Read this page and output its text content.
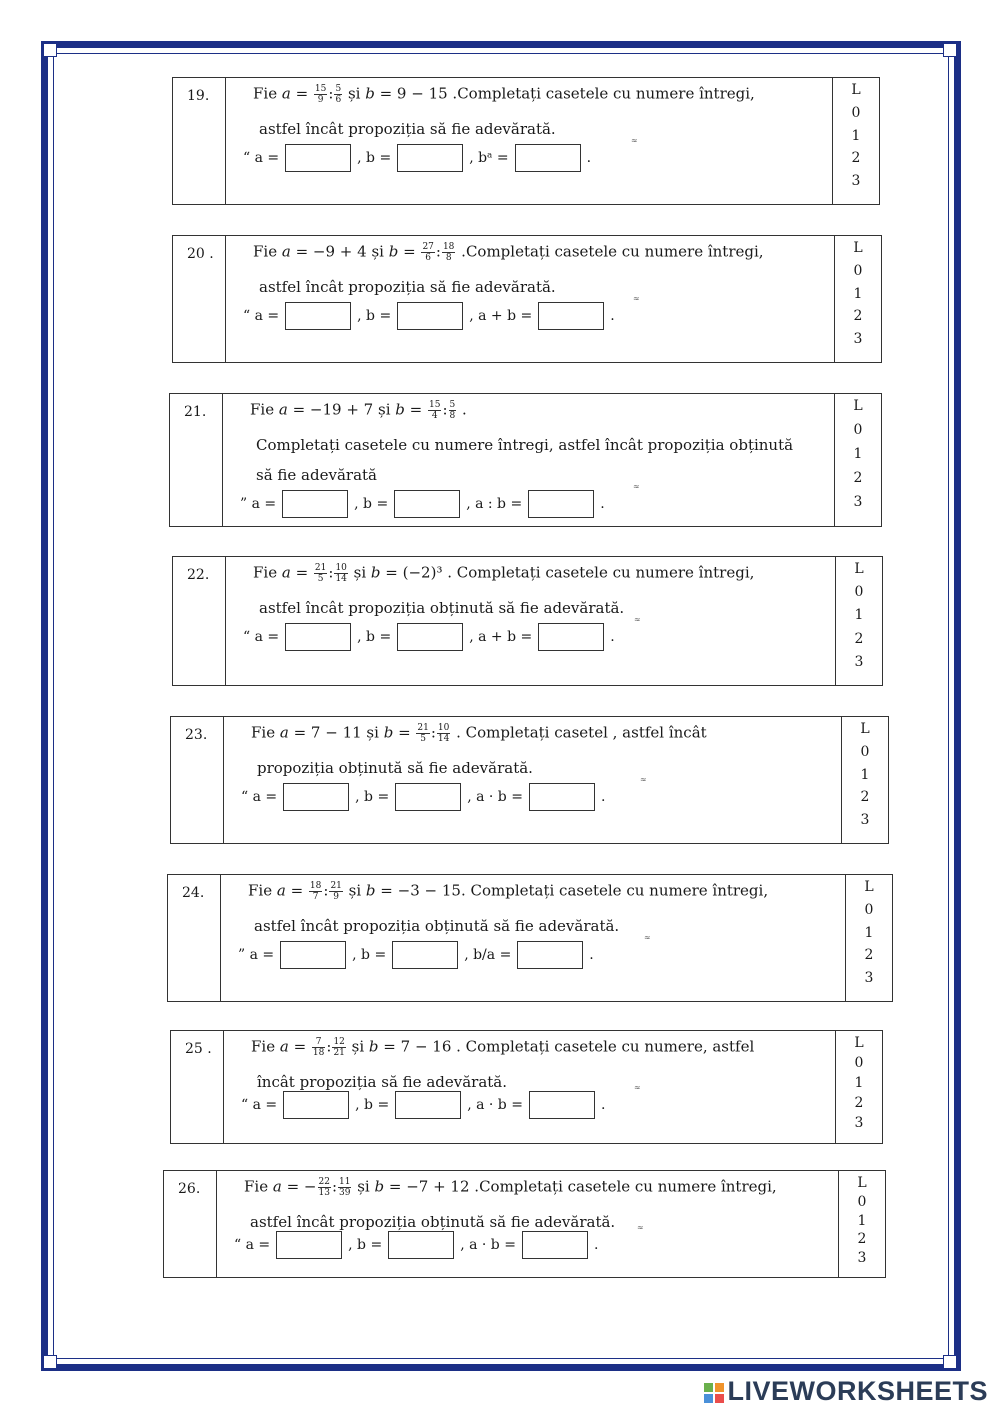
19.	Fie $a = \frac{15}{9}$ : $\frac{5}{6}$ și b = 9 − 15 .Completați casetele cu numere întregi,
astfel încât propoziția să fie adevărată.
“ a =	, b =	, bᵃ =	.
≈
L
0
1
2
3
20 .	Fie a = −9 + 4 și $b = \frac{27}{6}$ : $\frac{18}{8}$ .Completați casetele cu numere întregi,
astfel încât propoziția să fie adevărată.
“ a =	, b =	, a + b =	.
≈
L
0
1
2
3
21.	Fie a = −19 + 7 și $b = \frac{15}{4}$ : $\frac{5}{8}$ .
Completați casetele cu numere întregi, astfel încât propoziția obținută
să fie adevărată
” a =	, b =	, a : b =	.
≈
L
0
1
2
3
22.	Fie $a = \frac{21}{5}$ : $\frac{10}{14}$ și b = (−2)³ . Completați casetele cu numere întregi,
astfel încât propoziția obținută să fie adevărată.
“ a =	, b =	, a + b =	.
≈
L
0
1
2
3
23.	Fie a = 7 − 11 și $b = \frac{21}{5}$ : $\frac{10}{14}$ . Completați casetel , astfel încât
propoziția obținută să fie adevărată.
“ a =	, b =	, a · b =	.
≈
L
0
1
2
3
24.	Fie $a = \frac{18}{7}$ : $\frac{21}{9}$ și b = −3 − 15. Completați casetele cu numere întregi,
astfel încât propoziția obținută să fie adevărată.
” a =	, b =	, b/a =	.
≈
L
0
1
2
3
25 .	Fie $a = \frac{7}{18}$ : $\frac{12}{21}$ și b = 7 − 16 . Completați casetele cu numere, astfel
încât propoziția să fie adevărată.
“ a =	, b =	, a · b =	.
≈
L
0
1
2
3
26.	Fie a = − $\frac{22}{13}$ : $\frac{11}{39}$ și b = −7 + 12 .Completați casetele cu numere întregi,
astfel încât propoziția obținută să fie adevărată.
“ a =	, b =	, a · b =	.
≈
L
0
1
2
3
LIVEWORKSHEETS
